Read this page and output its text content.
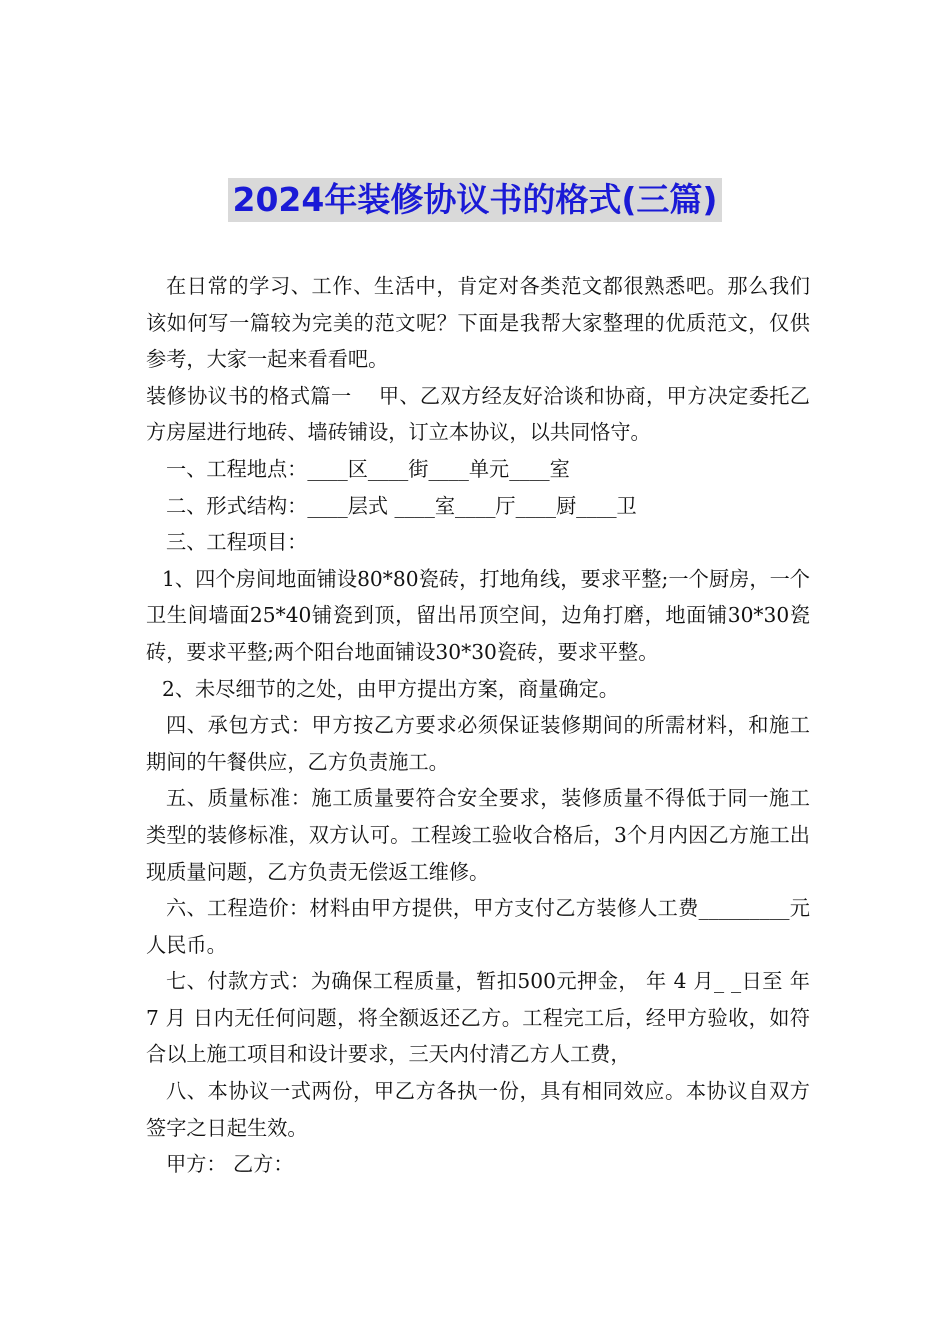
2024年装修协议书的格式(三篇)

在日常的学习、工作、生活中，肯定对各类范文都很熟悉吧。那么我们该如何写一篇较为完美的范文呢？下面是我帮大家整理的优质范文，仅供参考，大家一起来看看吧。

装修协议书的格式篇一　 甲、乙双方经友好洽谈和协商，甲方决定委托乙方房屋进行地砖、墙砖铺设，订立本协议，以共同恪守。

一、工程地点：____区____街____单元____室

二、形式结构：____层式 ____室____厅____厨____卫

三、工程项目：

1、四个房间地面铺设80*80瓷砖，打地角线，要求平整;一个厨房，一个卫生间墙面25*40铺瓷到顶，留出吊顶空间，边角打磨，地面铺30*30瓷砖，要求平整;两个阳台地面铺设30*30瓷砖，要求平整。

2、未尽细节的之处，由甲方提出方案，商量确定。

四、承包方式：甲方按乙方要求必须保证装修期间的所需材料，和施工期间的午餐供应，乙方负责施工。

五、质量标准：施工质量要符合安全要求，装修质量不得低于同一施工类型的装修标准，双方认可。工程竣工验收合格后，3个月内因乙方施工出现质量问题，乙方负责无偿返工维修。

六、工程造价：材料由甲方提供，甲方支付乙方装修人工费_________元人民币。

七、付款方式：为确保工程质量，暂扣500元押金， 年 4 月_ _日至 年 7 月 日内无任何问题，将全额返还乙方。工程完工后，经甲方验收，如符合以上施工项目和设计要求，三天内付清乙方人工费，

八、本协议一式两份，甲乙方各执一份，具有相同效应。本协议自双方签字之日起生效。

甲方： 乙方：
